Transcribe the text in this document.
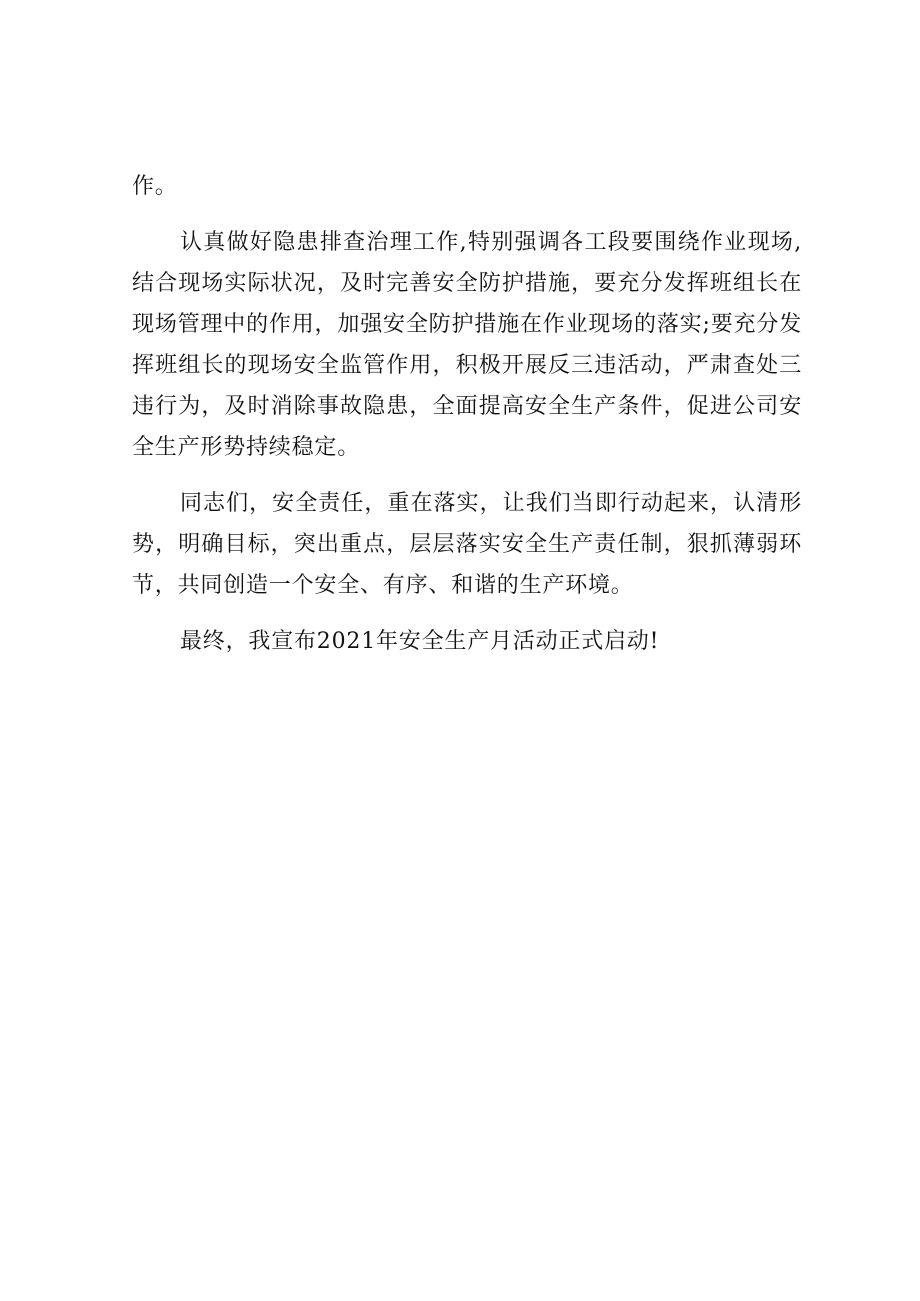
作。

认真做好隐患排查治理工作,特别强调各工段要围绕作业现场,结合现场实际状况，及时完善安全防护措施，要充分发挥班组长在现场管理中的作用，加强安全防护措施在作业现场的落实;要充分发挥班组长的现场安全监管作用，积极开展反三违活动，严肃查处三违行为，及时消除事故隐患，全面提高安全生产条件，促进公司安全生产形势持续稳定。

同志们，安全责任，重在落实，让我们当即行动起来，认清形势，明确目标，突出重点，层层落实安全生产责任制，狠抓薄弱环节，共同创造一个安全、有序、和谐的生产环境。

最终，我宣布2021年安全生产月活动正式启动!
